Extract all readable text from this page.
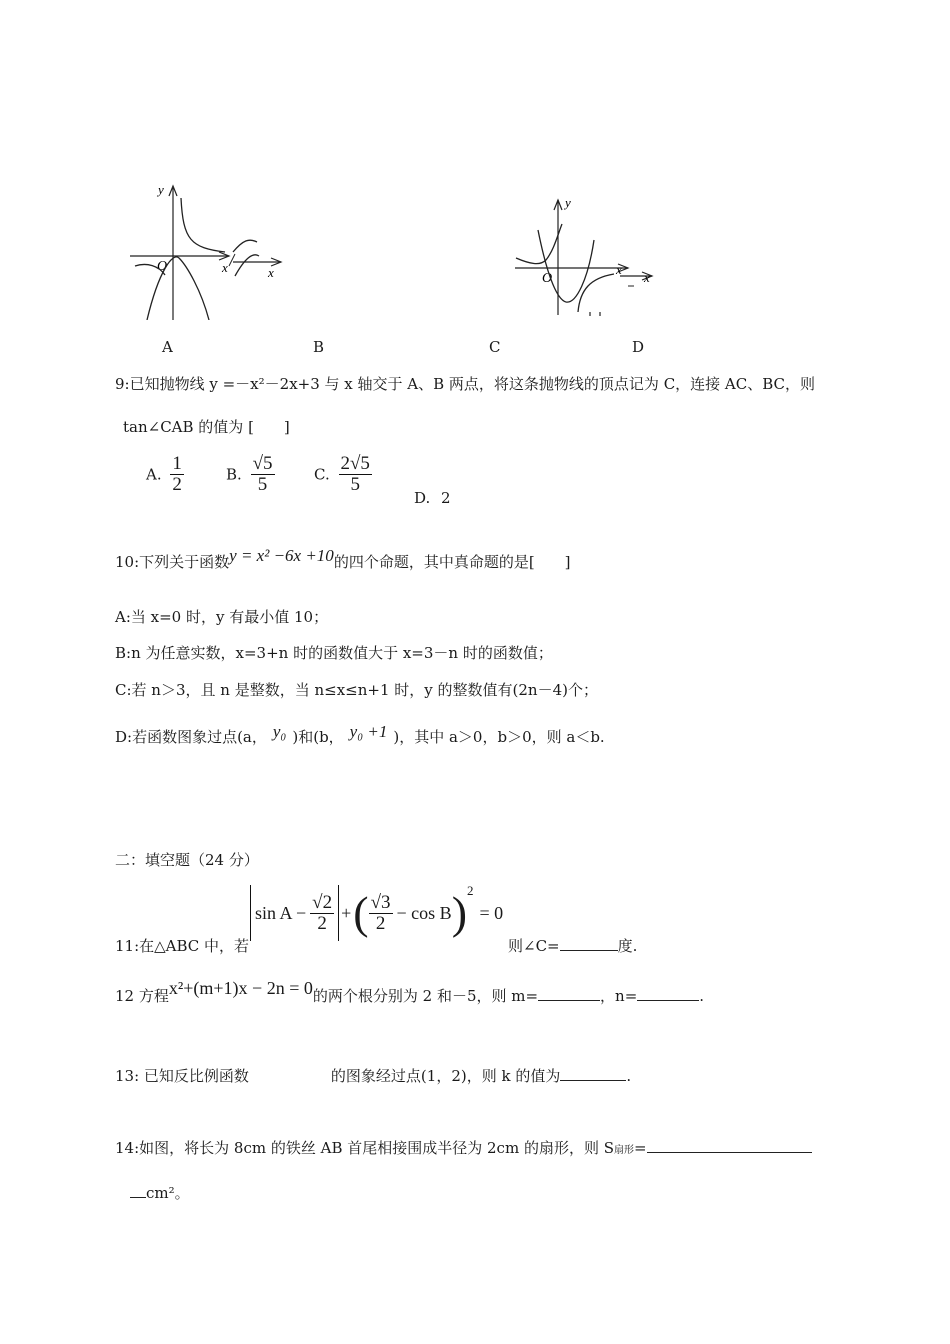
y
x
O	x
y
x
O	x
A	B	C	D
9:已知抛物线 y =－x²－2x+3 与 x 轴交于 A、B 两点，将这条抛物线的顶点记为 C，连接 AC、BC，则
tan∠CAB 的值为 [　　]
A. $\frac{1}{2}$	B. $\frac{√5}{5}$	C. $\frac{2√5}{5}$
D. 2
10:下列关于函数y = x² −6x +10的四个命题，其中真命题的是[　　]
A:当 x=0 时，y 有最小值 10；
B:n 为任意实数，x=3+n 时的函数值大于 x=3－n 时的函数值；
C:若 n＞3，且 n 是整数，当 n≤x≤n+1 时，y 的整数值有(2n－4)个；
D:若函数图象过点(a， y₀ )和(b， y₀ +1 )，其中 a＞0，b＞0，则 a＜b.
二：填空题（24 分）
11:在△ABC 中，若
$\sin A - \frac{√2}{2}$ + ( $\frac{√3}{2} - \cos B$ ) 2
= 0
则∠C=	度.
12 方程x²+(m+1)x − 2n = 0的两个根分别为 2 和－5，则 m=	，n=	.
13: 已知反比例函数	的图象经过点(1，2)，则 k 的值为	.
14:如图，将长为 8cm 的铁丝 AB 首尾相接围成半径为 2cm 的扇形，则 S扇形=
cm²。
